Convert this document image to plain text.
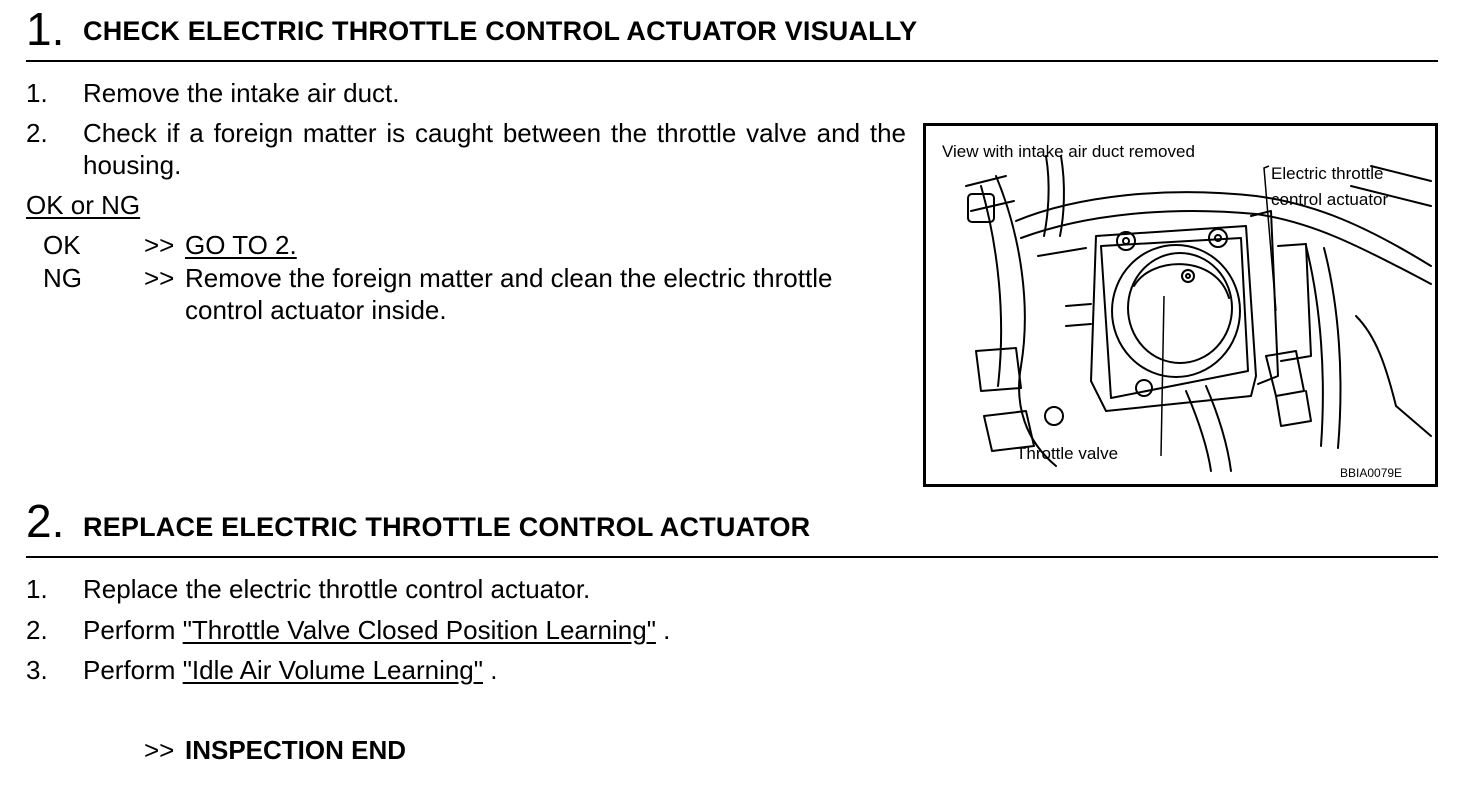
1. CHECK ELECTRIC THROTTLE CONTROL ACTUATOR VISUALLY
1. Remove the intake air duct.
2. Check if a foreign matter is caught between the throttle valve and the housing.
OK or NG
OK >> GO TO 2.
NG >> Remove the foreign matter and clean the electric throttle control actuator inside.
View with intake air duct removed
Electric throttle
control actuator
Throttle valve
BBIA0079E
2. REPLACE ELECTRIC THROTTLE CONTROL ACTUATOR
1. Replace the electric throttle control actuator.
2. Perform "Throttle Valve Closed Position Learning" .
3. Perform "Idle Air Volume Learning" .
>> INSPECTION END
